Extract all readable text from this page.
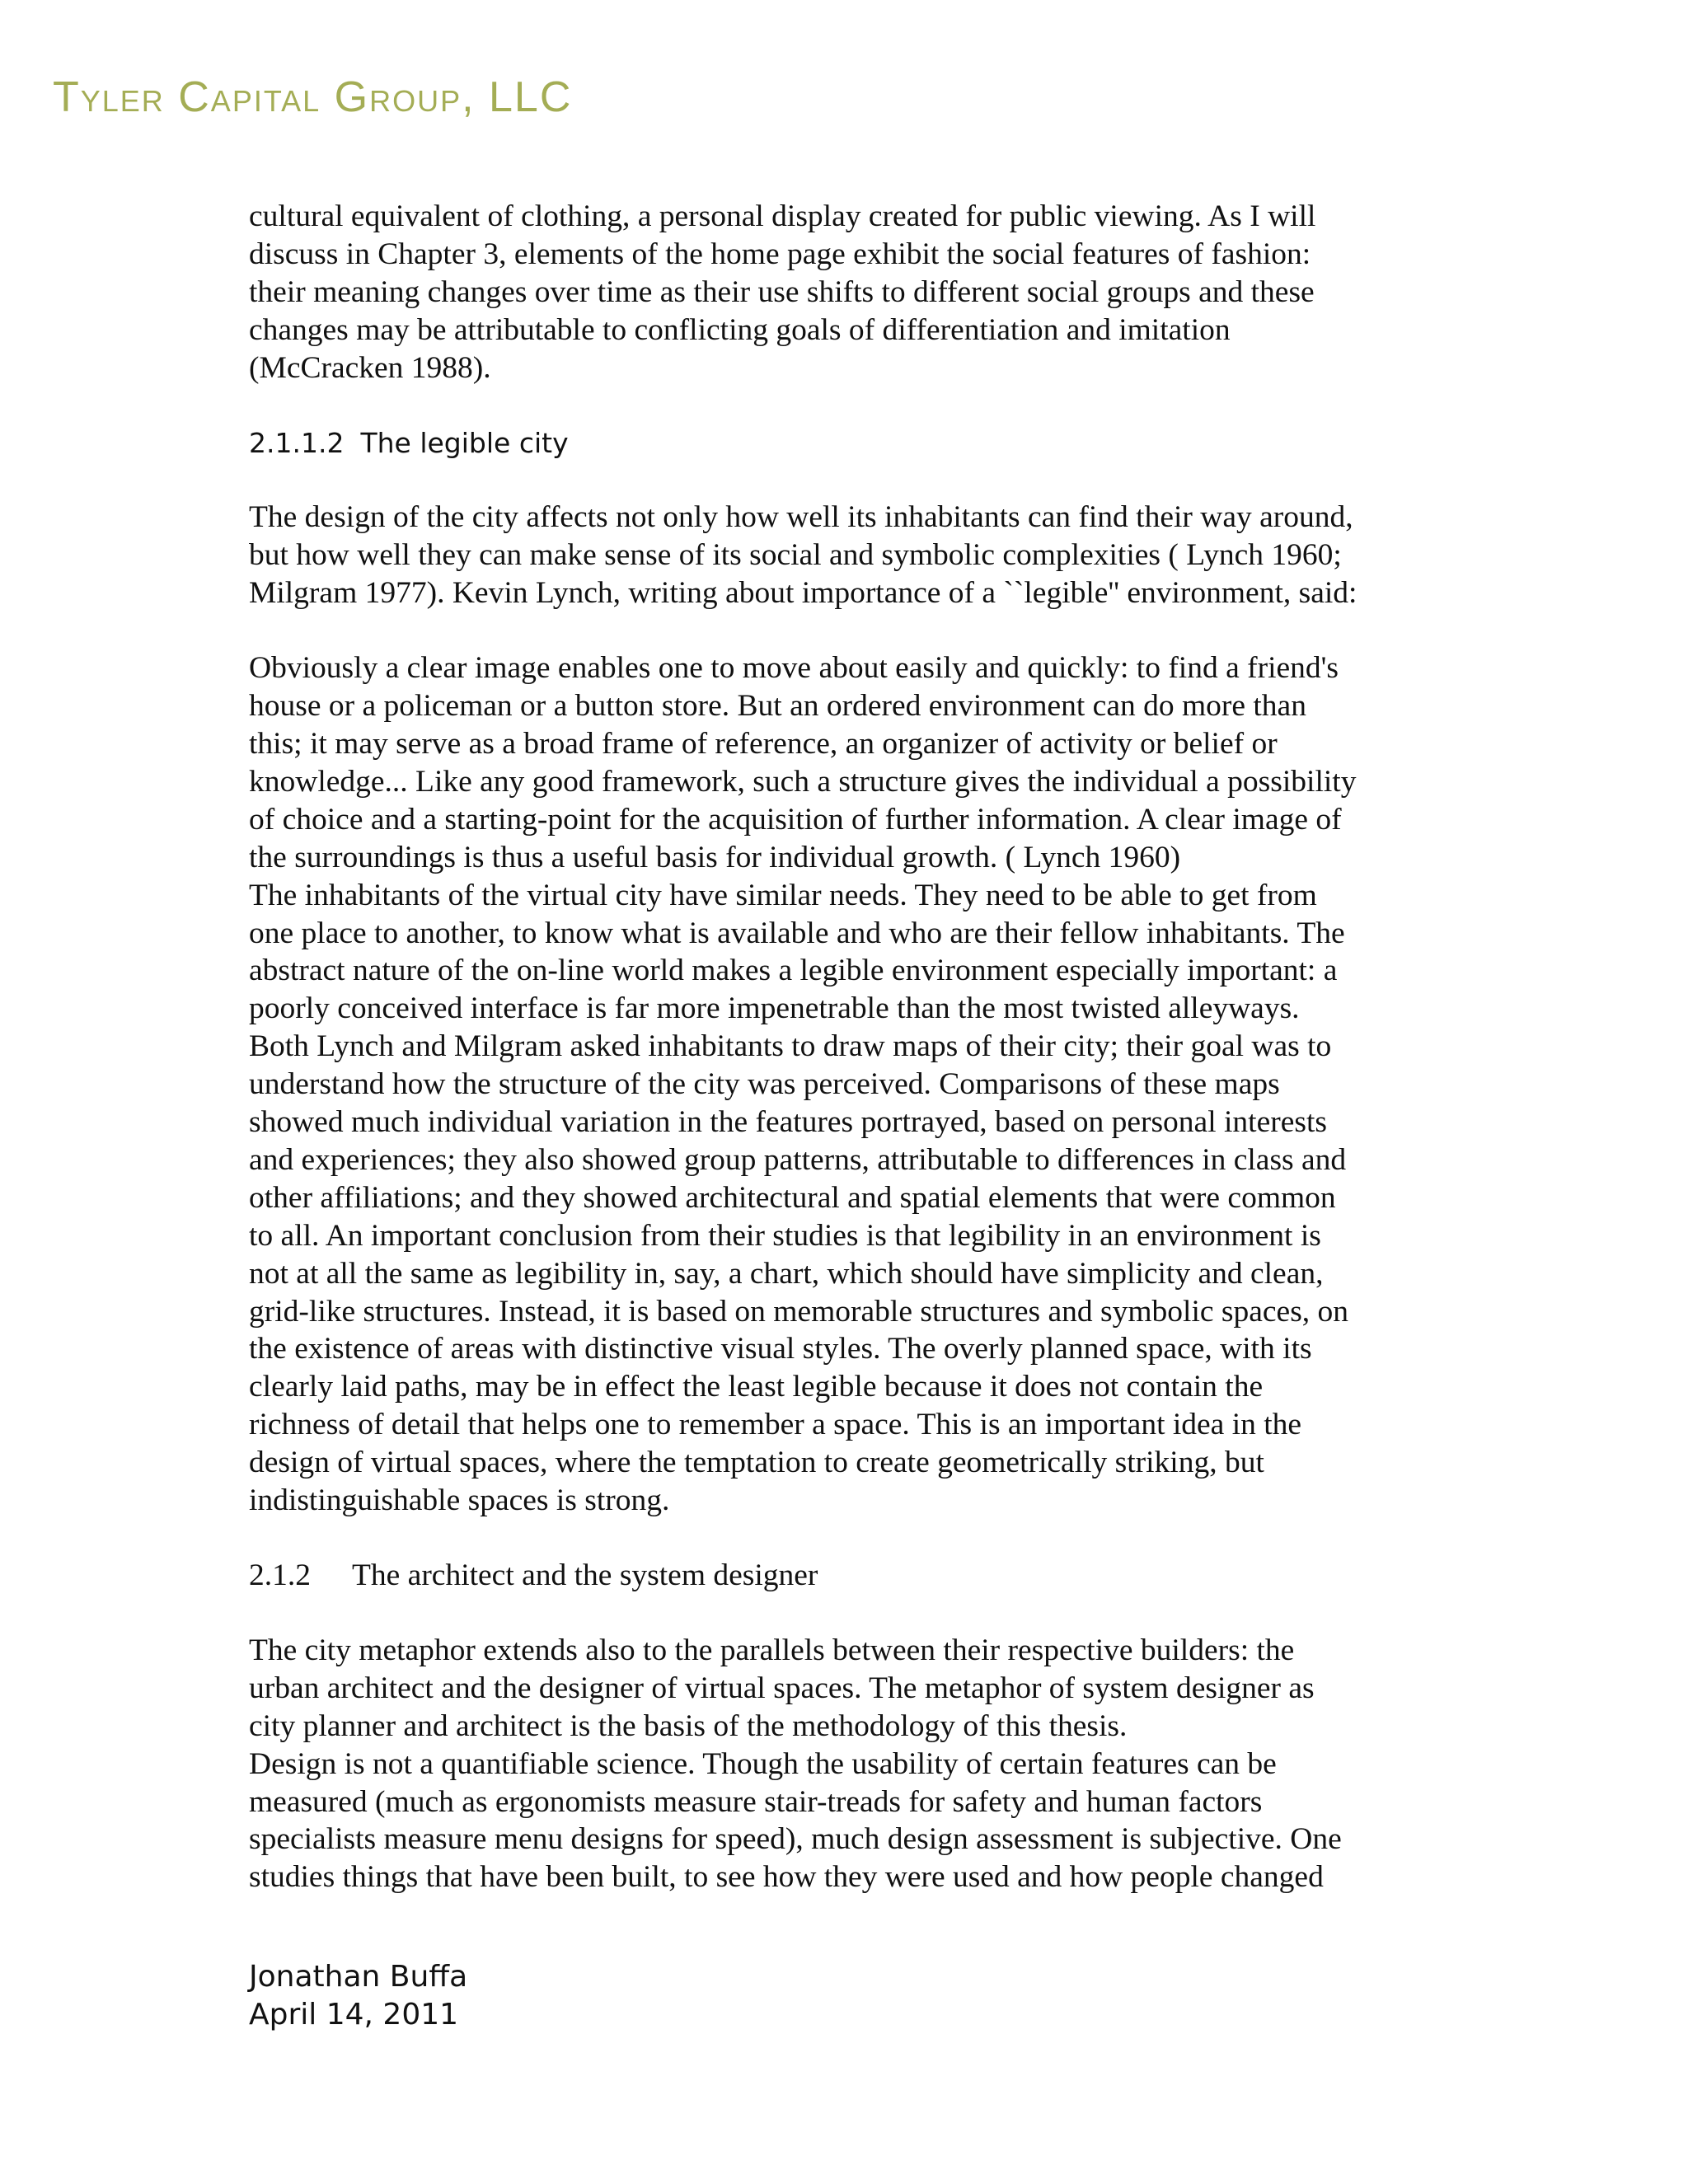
Tyler Capital Group, LLC
cultural equivalent of clothing, a personal display created for public viewing. As I will
discuss in Chapter 3, elements of the home page exhibit the social features of fashion:
their meaning changes over time as their use shifts to different social groups and these
changes may be attributable to conflicting goals of differentiation and imitation
(McCracken 1988).
2.1.1.2 The legible city
The design of the city affects not only how well its inhabitants can find their way around,
but how well they can make sense of its social and symbolic complexities ( Lynch 1960;
Milgram 1977). Kevin Lynch, writing about importance of a ``legible'' environment, said:
Obviously a clear image enables one to move about easily and quickly: to find a friend's
house or a policeman or a button store. But an ordered environment can do more than
this; it may serve as a broad frame of reference, an organizer of activity or belief or
knowledge... Like any good framework, such a structure gives the individual a possibility
of choice and a starting-point for the acquisition of further information. A clear image of
the surroundings is thus a useful basis for individual growth. ( Lynch 1960)
The inhabitants of the virtual city have similar needs. They need to be able to get from
one place to another, to know what is available and who are their fellow inhabitants. The
abstract nature of the on-line world makes a legible environment especially important: a
poorly conceived interface is far more impenetrable than the most twisted alleyways.
Both Lynch and Milgram asked inhabitants to draw maps of their city; their goal was to
understand how the structure of the city was perceived. Comparisons of these maps
showed much individual variation in the features portrayed, based on personal interests
and experiences; they also showed group patterns, attributable to differences in class and
other affiliations; and they showed architectural and spatial elements that were common
to all. An important conclusion from their studies is that legibility in an environment is
not at all the same as legibility in, say, a chart, which should have simplicity and clean,
grid-like structures. Instead, it is based on memorable structures and symbolic spaces, on
the existence of areas with distinctive visual styles. The overly planned space, with its
clearly laid paths, may be in effect the least legible because it does not contain the
richness of detail that helps one to remember a space. This is an important idea in the
design of virtual spaces, where the temptation to create geometrically striking, but
indistinguishable spaces is strong.
2.1.2 The architect and the system designer
The city metaphor extends also to the parallels between their respective builders: the
urban architect and the designer of virtual spaces. The metaphor of system designer as
city planner and architect is the basis of the methodology of this thesis.
Design is not a quantifiable science. Though the usability of certain features can be
measured (much as ergonomists measure stair-treads for safety and human factors
specialists measure menu designs for speed), much design assessment is subjective. One
studies things that have been built, to see how they were used and how people changed
Jonathan Buffa
April 14, 2011
